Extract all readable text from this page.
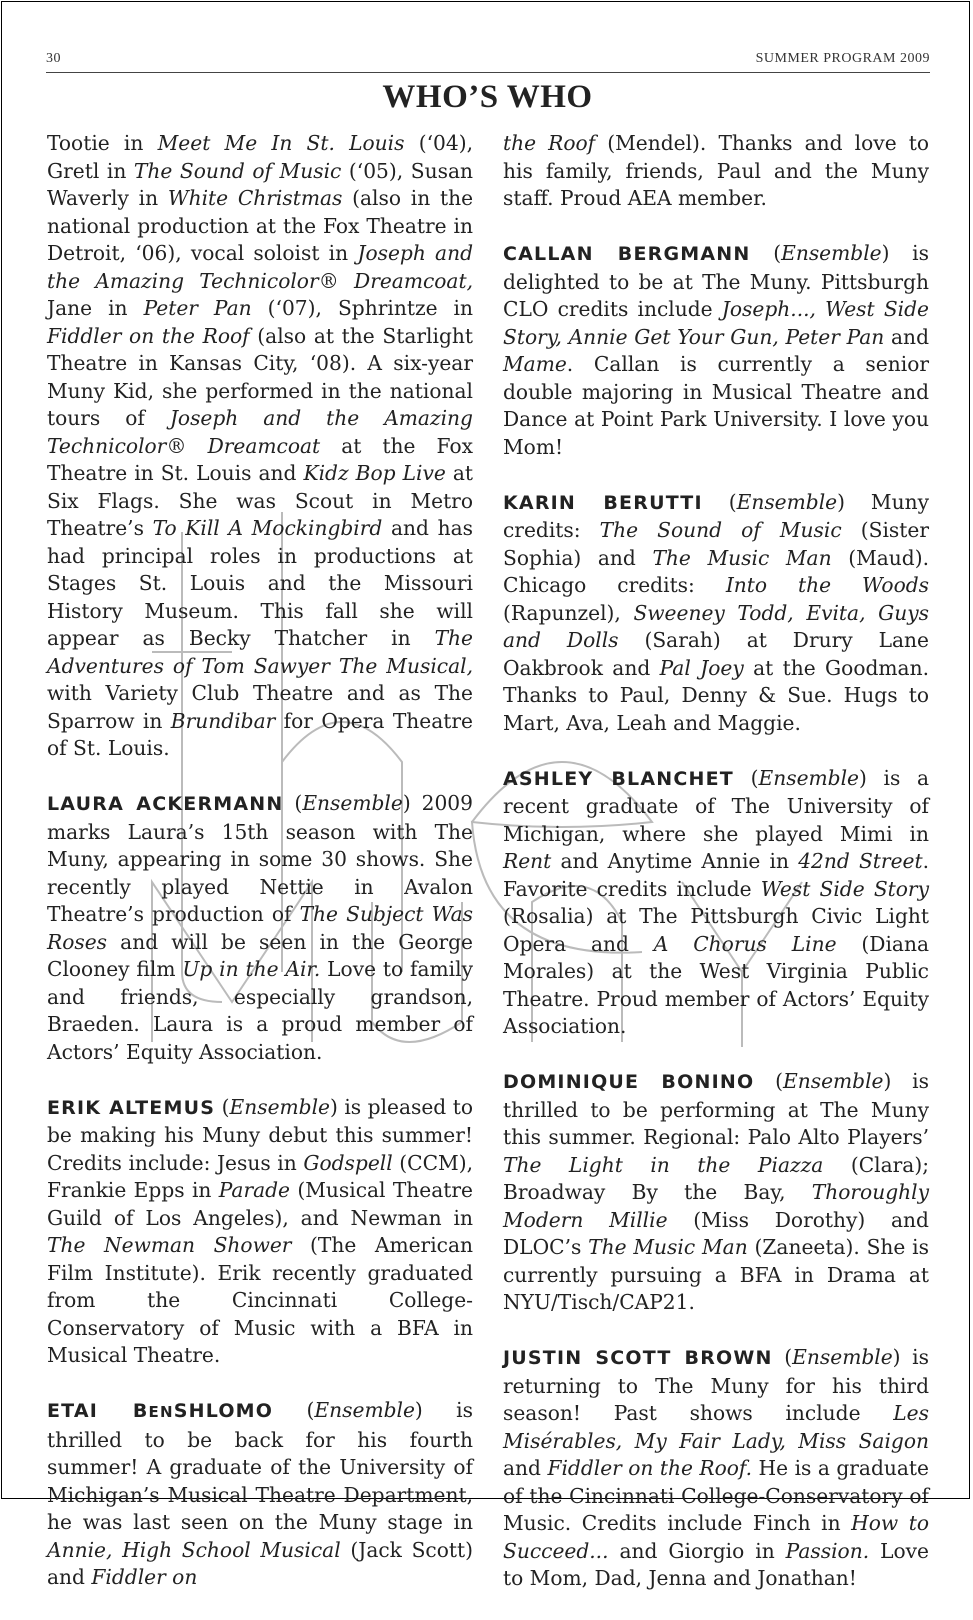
30	SUMMER PROGRAM 2009
WHO’S WHO

Tootie in Meet Me In St. Louis (‘04), Gretl in The Sound of Music (‘05), Susan Waverly in White Christmas (also in the national production at the Fox Theatre in Detroit, ‘06), vocal soloist in Joseph and the Amazing Technicolor® Dreamcoat, Jane in Peter Pan (‘07), Sphrintze in Fiddler on the Roof (also at the Starlight Theatre in Kansas City, ‘08). A six-year Muny Kid, she performed in the national tours of Joseph and the Amazing Technicolor® Dreamcoat at the Fox Theatre in St. Louis and Kidz Bop Live at Six Flags. She was Scout in Metro Theatre’s To Kill A Mockingbird and has had principal roles in productions at Stages St. Louis and the Missouri History Museum. This fall she will appear as Becky Thatcher in The Adventures of Tom Sawyer The Musical, with Variety Club Theatre and as The Sparrow in Brundibar for Opera Theatre of St. Louis.

LAURA ACKERMANN (Ensemble) 2009 marks Laura’s 15th season with The Muny, appearing in some 30 shows. She recently played Nettie in Avalon Theatre’s production of The Subject Was Roses and will be seen in the George Clooney film Up in the Air. Love to family and friends, especially grandson, Braeden. Laura is a proud member of Actors’ Equity Association.

ERIK ALTEMUS (Ensemble) is pleased to be making his Muny debut this summer! Credits include: Jesus in Godspell (CCM), Frankie Epps in Parade (Musical Theatre Guild of Los Angeles), and Newman in The Newman Shower (The American Film Institute). Erik recently graduated from the Cincinnati College-Conservatory of Music with a BFA in Musical Theatre.

ETAI BENSHLOMO (Ensemble) is thrilled to be back for his fourth summer! A graduate of the University of Michigan’s Musical Theatre Department, he was last seen on the Muny stage in Annie, High School Musical (Jack Scott) and Fiddler on

the Roof (Mendel). Thanks and love to his family, friends, Paul and the Muny staff. Proud AEA member.

CALLAN BERGMANN (Ensemble) is delighted to be at The Muny. Pittsburgh CLO credits include Joseph..., West Side Story, Annie Get Your Gun, Peter Pan and Mame. Callan is currently a senior double majoring in Musical Theatre and Dance at Point Park University. I love you Mom!

KARIN BERUTTI (Ensemble) Muny credits: The Sound of Music (Sister Sophia) and The Music Man (Maud). Chicago credits: Into the Woods (Rapunzel), Sweeney Todd, Evita, Guys and Dolls (Sarah) at Drury Lane Oakbrook and Pal Joey at the Goodman. Thanks to Paul, Denny & Sue. Hugs to Mart, Ava, Leah and Maggie.

ASHLEY BLANCHET (Ensemble) is a recent graduate of The University of Michigan, where she played Mimi in Rent and Anytime Annie in 42nd Street. Favorite credits include West Side Story (Rosalia) at The Pittsburgh Civic Light Opera and A Chorus Line (Diana Morales) at the West Virginia Public Theatre. Proud member of Actors’ Equity Association.

DOMINIQUE BONINO (Ensemble) is thrilled to be performing at The Muny this summer. Regional: Palo Alto Players’ The Light in the Piazza (Clara); Broadway By the Bay, Thoroughly Modern Millie (Miss Dorothy) and DLOC’s The Music Man (Zaneeta). She is currently pursuing a BFA in Drama at NYU/Tisch/CAP21.

JUSTIN SCOTT BROWN (Ensemble) is returning to The Muny for his third season! Past shows include Les Misérables, My Fair Lady, Miss Saigon and Fiddler on the Roof. He is a graduate of the Cincinnati College-Conservatory of Music. Credits include Finch in How to Succeed... and Giorgio in Passion. Love to Mom, Dad, Jenna and Jonathan!
